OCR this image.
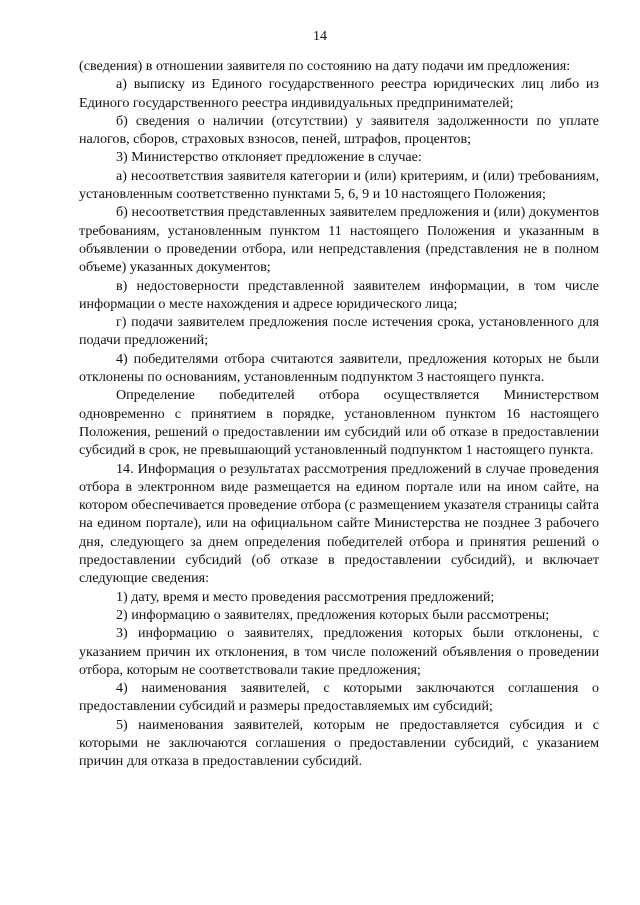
14

(сведения) в отношении заявителя по состоянию на дату подачи им предложения:

а) выписку из Единого государственного реестра юридических лиц либо из Единого государственного реестра индивидуальных предпринимателей;

б) сведения о наличии (отсутствии) у заявителя задолженности по уплате налогов, сборов, страховых взносов, пеней, штрафов, процентов;

3) Министерство отклоняет предложение в случае:

а) несоответствия заявителя категории и (или) критериям, и (или) требованиям, установленным соответственно пунктами 5, 6, 9 и 10 настоящего Положения;

б) несоответствия представленных заявителем предложения и (или) документов требованиям, установленным пунктом 11 настоящего Положения и указанным в объявлении о проведении отбора, или непредставления (представления не в полном объеме) указанных документов;

в) недостоверности представленной заявителем информации, в том числе информации о месте нахождения и адресе юридического лица;

г) подачи заявителем предложения после истечения срока, установленного для подачи предложений;

4) победителями отбора считаются заявители, предложения которых не были отклонены по основаниям, установленным подпунктом 3 настоящего пункта.

Определение победителей отбора осуществляется Министерством одновременно с принятием в порядке, установленном пунктом 16 настоящего Положения, решений о предоставлении им субсидий или об отказе в предоставлении субсидий в срок, не превышающий установленный подпунктом 1 настоящего пункта.

14. Информация о результатах рассмотрения предложений в случае проведения отбора в электронном виде размещается на едином портале или на ином сайте, на котором обеспечивается проведение отбора (с размещением указателя страницы сайта на едином портале), или на официальном сайте Министерства не позднее 3 рабочего дня, следующего за днем определения победителей отбора и принятия решений о предоставлении субсидий (об отказе в предоставлении субсидий), и включает следующие сведения:

1) дату, время и место проведения рассмотрения предложений;

2) информацию о заявителях, предложения которых были рассмотрены;

3) информацию о заявителях, предложения которых были отклонены, с указанием причин их отклонения, в том числе положений объявления о проведении отбора, которым не соответствовали такие предложения;

4) наименования заявителей, с которыми заключаются соглашения о предоставлении субсидий и размеры предоставляемых им субсидий;

5) наименования заявителей, которым не предоставляется субсидия и с которыми не заключаются соглашения о предоставлении субсидий, с указанием причин для отказа в предоставлении субсидий.
